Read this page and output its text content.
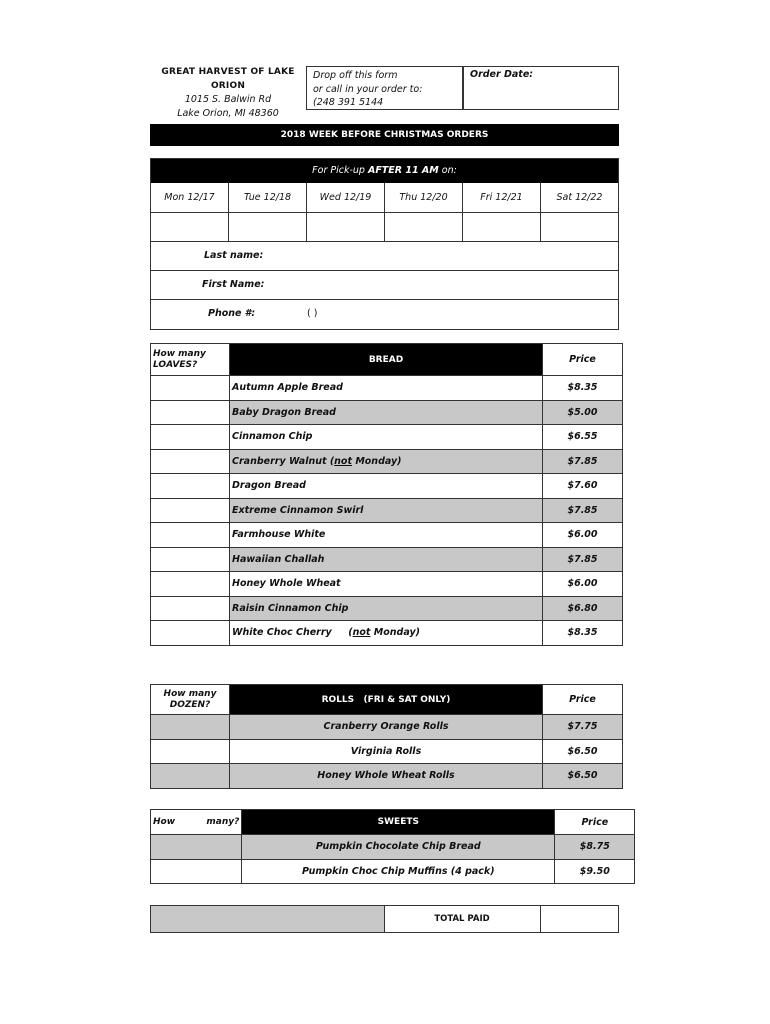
GREAT HARVEST OF LAKE ORION
1015 S. Balwin Rd
Lake Orion, MI 48360
Drop off this form
or call in your order to:
(248 391 5144
Order Date:
2018 WEEK BEFORE CHRISTMAS ORDERS
For Pick-up AFTER 11 AM on:
Mon 12/17	Tue 12/18	Wed 12/19	Thu 12/20	Fri 12/21	Sat 12/22
Last name:
First Name:
Phone #:	( )
How many
LOAVES?	BREAD	Price
	Autumn Apple Bread	$8.35
	Baby Dragon Bread	$5.00
	Cinnamon Chip	$6.55
	Cranberry Walnut (not Monday)	$7.85
	Dragon Bread	$7.60
	Extreme Cinnamon Swirl	$7.85
	Farmhouse White	$6.00
	Hawaiian Challah	$7.85
	Honey Whole Wheat	$6.00
	Raisin Cinnamon Chip	$6.80
	White Choc Cherry     (not Monday)	$8.35
How many
DOZEN?	ROLLS   (FRI & SAT ONLY)	Price
	Cranberry Orange Rolls	$7.75
	Virginia Rolls	$6.50
	Honey Whole Wheat Rolls	$6.50
How          many?	SWEETS	Price
	Pumpkin Chocolate Chip Bread	$8.75
	Pumpkin Choc Chip Muffins (4 pack)	$9.50
TOTAL PAID
